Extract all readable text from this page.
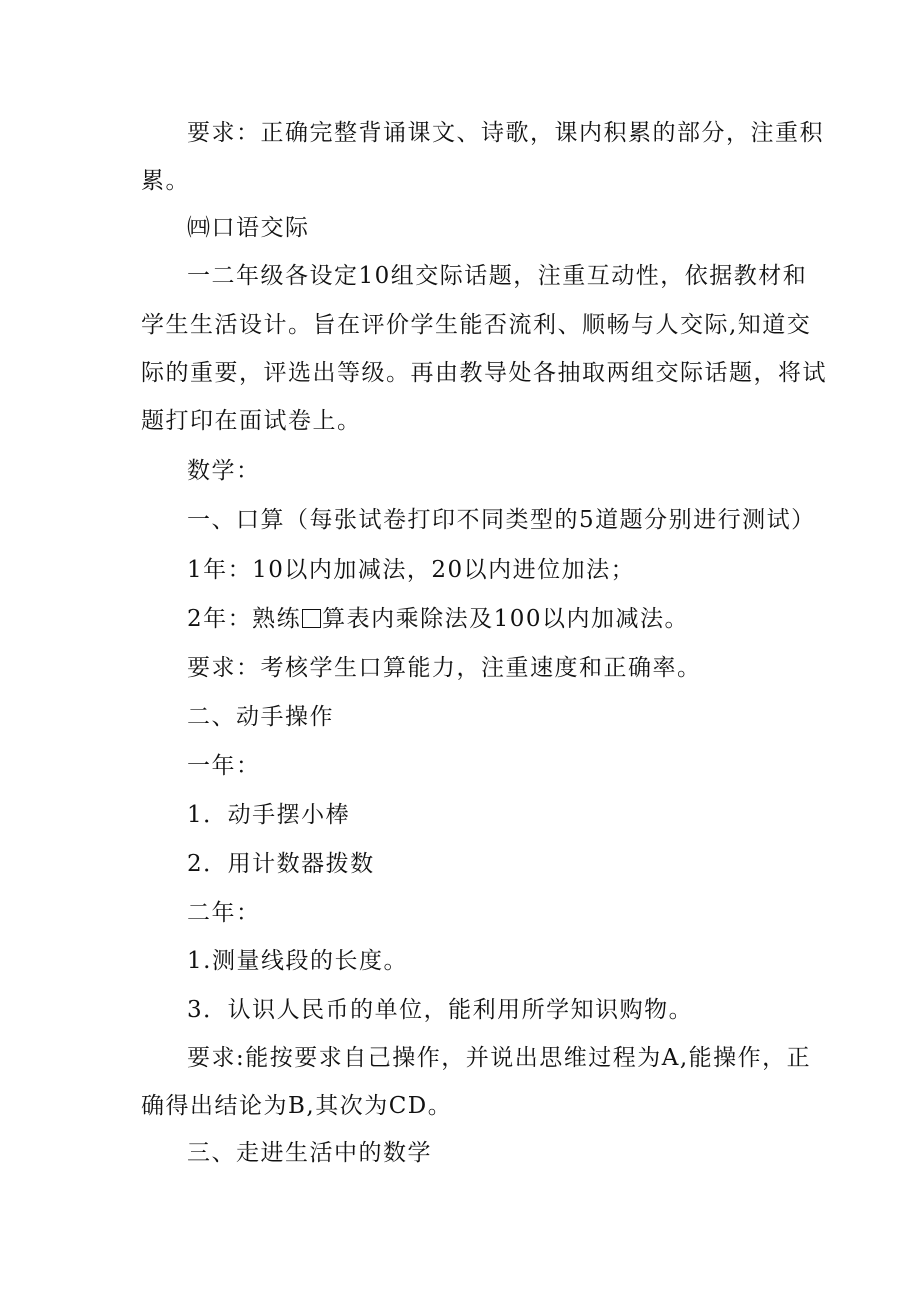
要求：正确完整背诵课文、诗歌，课内积累的部分，注重积
累。
㈣口语交际
一二年级各设定10组交际话题，注重互动性，依据教材和
学生生活设计。旨在评价学生能否流利、顺畅与人交际,知道交
际的重要，评选出等级。再由教导处各抽取两组交际话题，将试
题打印在面试卷上。
数学：
一、口算（每张试卷打印不同类型的5道题分别进行测试）
1年：10以内加减法，20以内进位加法；
2年：熟练 算表内乘除法及100以内加减法。
要求：考核学生口算能力，注重速度和正确率。
二、动手操作
一年：
1．动手摆小棒
2．用计数器拨数
二年：
1.测量线段的长度。
3．认识人民币的单位，能利用所学知识购物。
要求:能按要求自己操作，并说出思维过程为A,能操作，正
确得出结论为B,其次为CD。
三、走进生活中的数学
